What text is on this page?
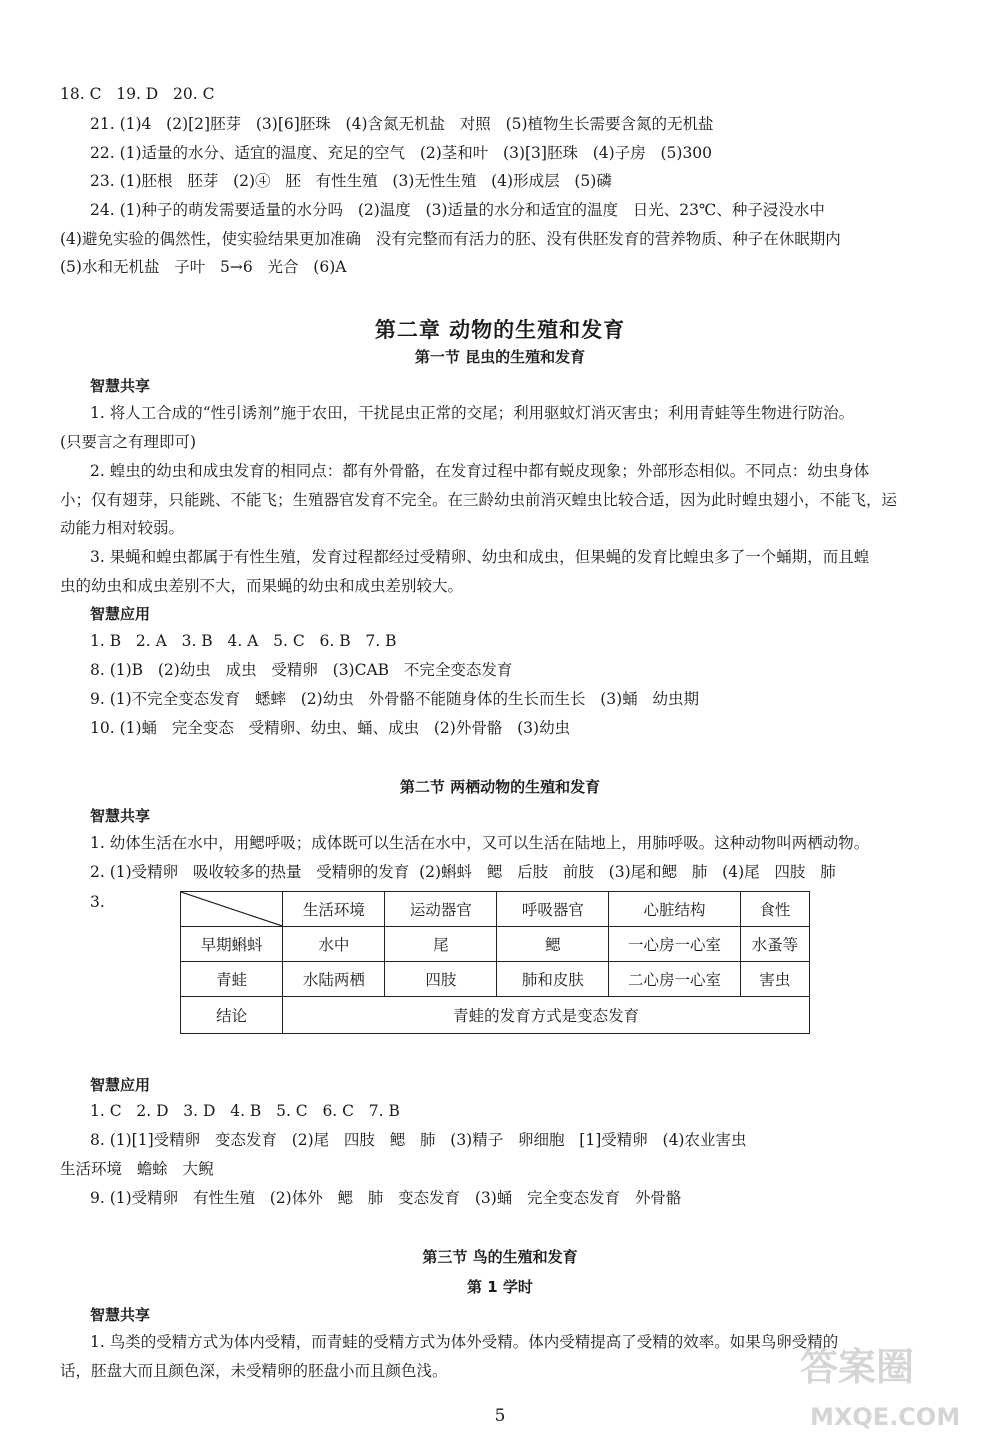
18. C   19. D   20. C
21. (1)4   (2)[2]胚芽   (3)[6]胚珠   (4)含氮无机盐   对照   (5)植物生长需要含氮的无机盐
22. (1)适量的水分、适宜的温度、充足的空气   (2)茎和叶   (3)[3]胚珠   (4)子房   (5)300
23. (1)胚根   胚芽   (2)④   胚   有性生殖   (3)无性生殖   (4)形成层   (5)磷
24. (1)种子的萌发需要适量的水分吗   (2)温度   (3)适量的水分和适宜的温度   日光、23℃、种子浸没水中
(4)避免实验的偶然性，使实验结果更加准确   没有完整而有活力的胚、没有供胚发育的营养物质、种子在休眠期内
(5)水和无机盐   子叶   5→6   光合   (6)A
第二章 动物的生殖和发育
第一节 昆虫的生殖和发育
智慧共享
1. 将人工合成的“性引诱剂”施于农田，干扰昆虫正常的交尾；利用驱蚊灯消灭害虫；利用青蛙等生物进行防治。
(只要言之有理即可)
2. 蝗虫的幼虫和成虫发育的相同点：都有外骨骼，在发育过程中都有蜕皮现象；外部形态相似。不同点：幼虫身体
小；仅有翅芽，只能跳、不能飞；生殖器官发育不完全。在三龄幼虫前消灭蝗虫比较合适，因为此时蝗虫翅小，不能飞，运
动能力相对较弱。
3. 果蝇和蝗虫都属于有性生殖，发育过程都经过受精卵、幼虫和成虫，但果蝇的发育比蝗虫多了一个蛹期，而且蝗
虫的幼虫和成虫差别不大，而果蝇的幼虫和成虫差别较大。
智慧应用
1. B   2. A   3. B   4. A   5. C   6. B   7. B
8. (1)B   (2)幼虫   成虫   受精卵   (3)CAB   不完全变态发育
9. (1)不完全变态发育   蟋蟀   (2)幼虫   外骨骼不能随身体的生长而生长   (3)蛹   幼虫期
10. (1)蛹   完全变态   受精卵、幼虫、蛹、成虫   (2)外骨骼   (3)幼虫
第二节 两栖动物的生殖和发育
智慧共享
1. 幼体生活在水中，用鳃呼吸；成体既可以生活在水中，又可以生活在陆地上，用肺呼吸。这种动物叫两栖动物。
2. (1)受精卵   吸收较多的热量   受精卵的发育  (2)蝌蚪   鳃   后肢   前肢   (3)尾和鳃   肺   (4)尾   四肢   肺
3.
		生活环境	运动器官	呼吸器官	心脏结构	食性
早期蝌蚪	水中	尾	鳃	一心房一心室	水蚤等
青蛙	水陆两栖	四肢	肺和皮肤	二心房一心室	害虫
结论	青蛙的发育方式是变态发育				
智慧应用
1. C   2. D   3. D   4. B   5. C   6. C   7. B
8. (1)[1]受精卵   变态发育   (2)尾   四肢   鳃   肺   (3)精子   卵细胞   [1]受精卵   (4)农业害虫
生活环境   蟾蜍   大鲵
9. (1)受精卵   有性生殖   (2)体外   鳃   肺   变态发育   (3)蛹   完全变态发育   外骨骼
第三节 鸟的生殖和发育
第 1 学时
智慧共享
1. 鸟类的受精方式为体内受精，而青蛙的受精方式为体外受精。体内受精提高了受精的效率。如果鸟卵受精的
话，胚盘大而且颜色深，未受精卵的胚盘小而且颜色浅。
5
答案圈
MXQE.COM
